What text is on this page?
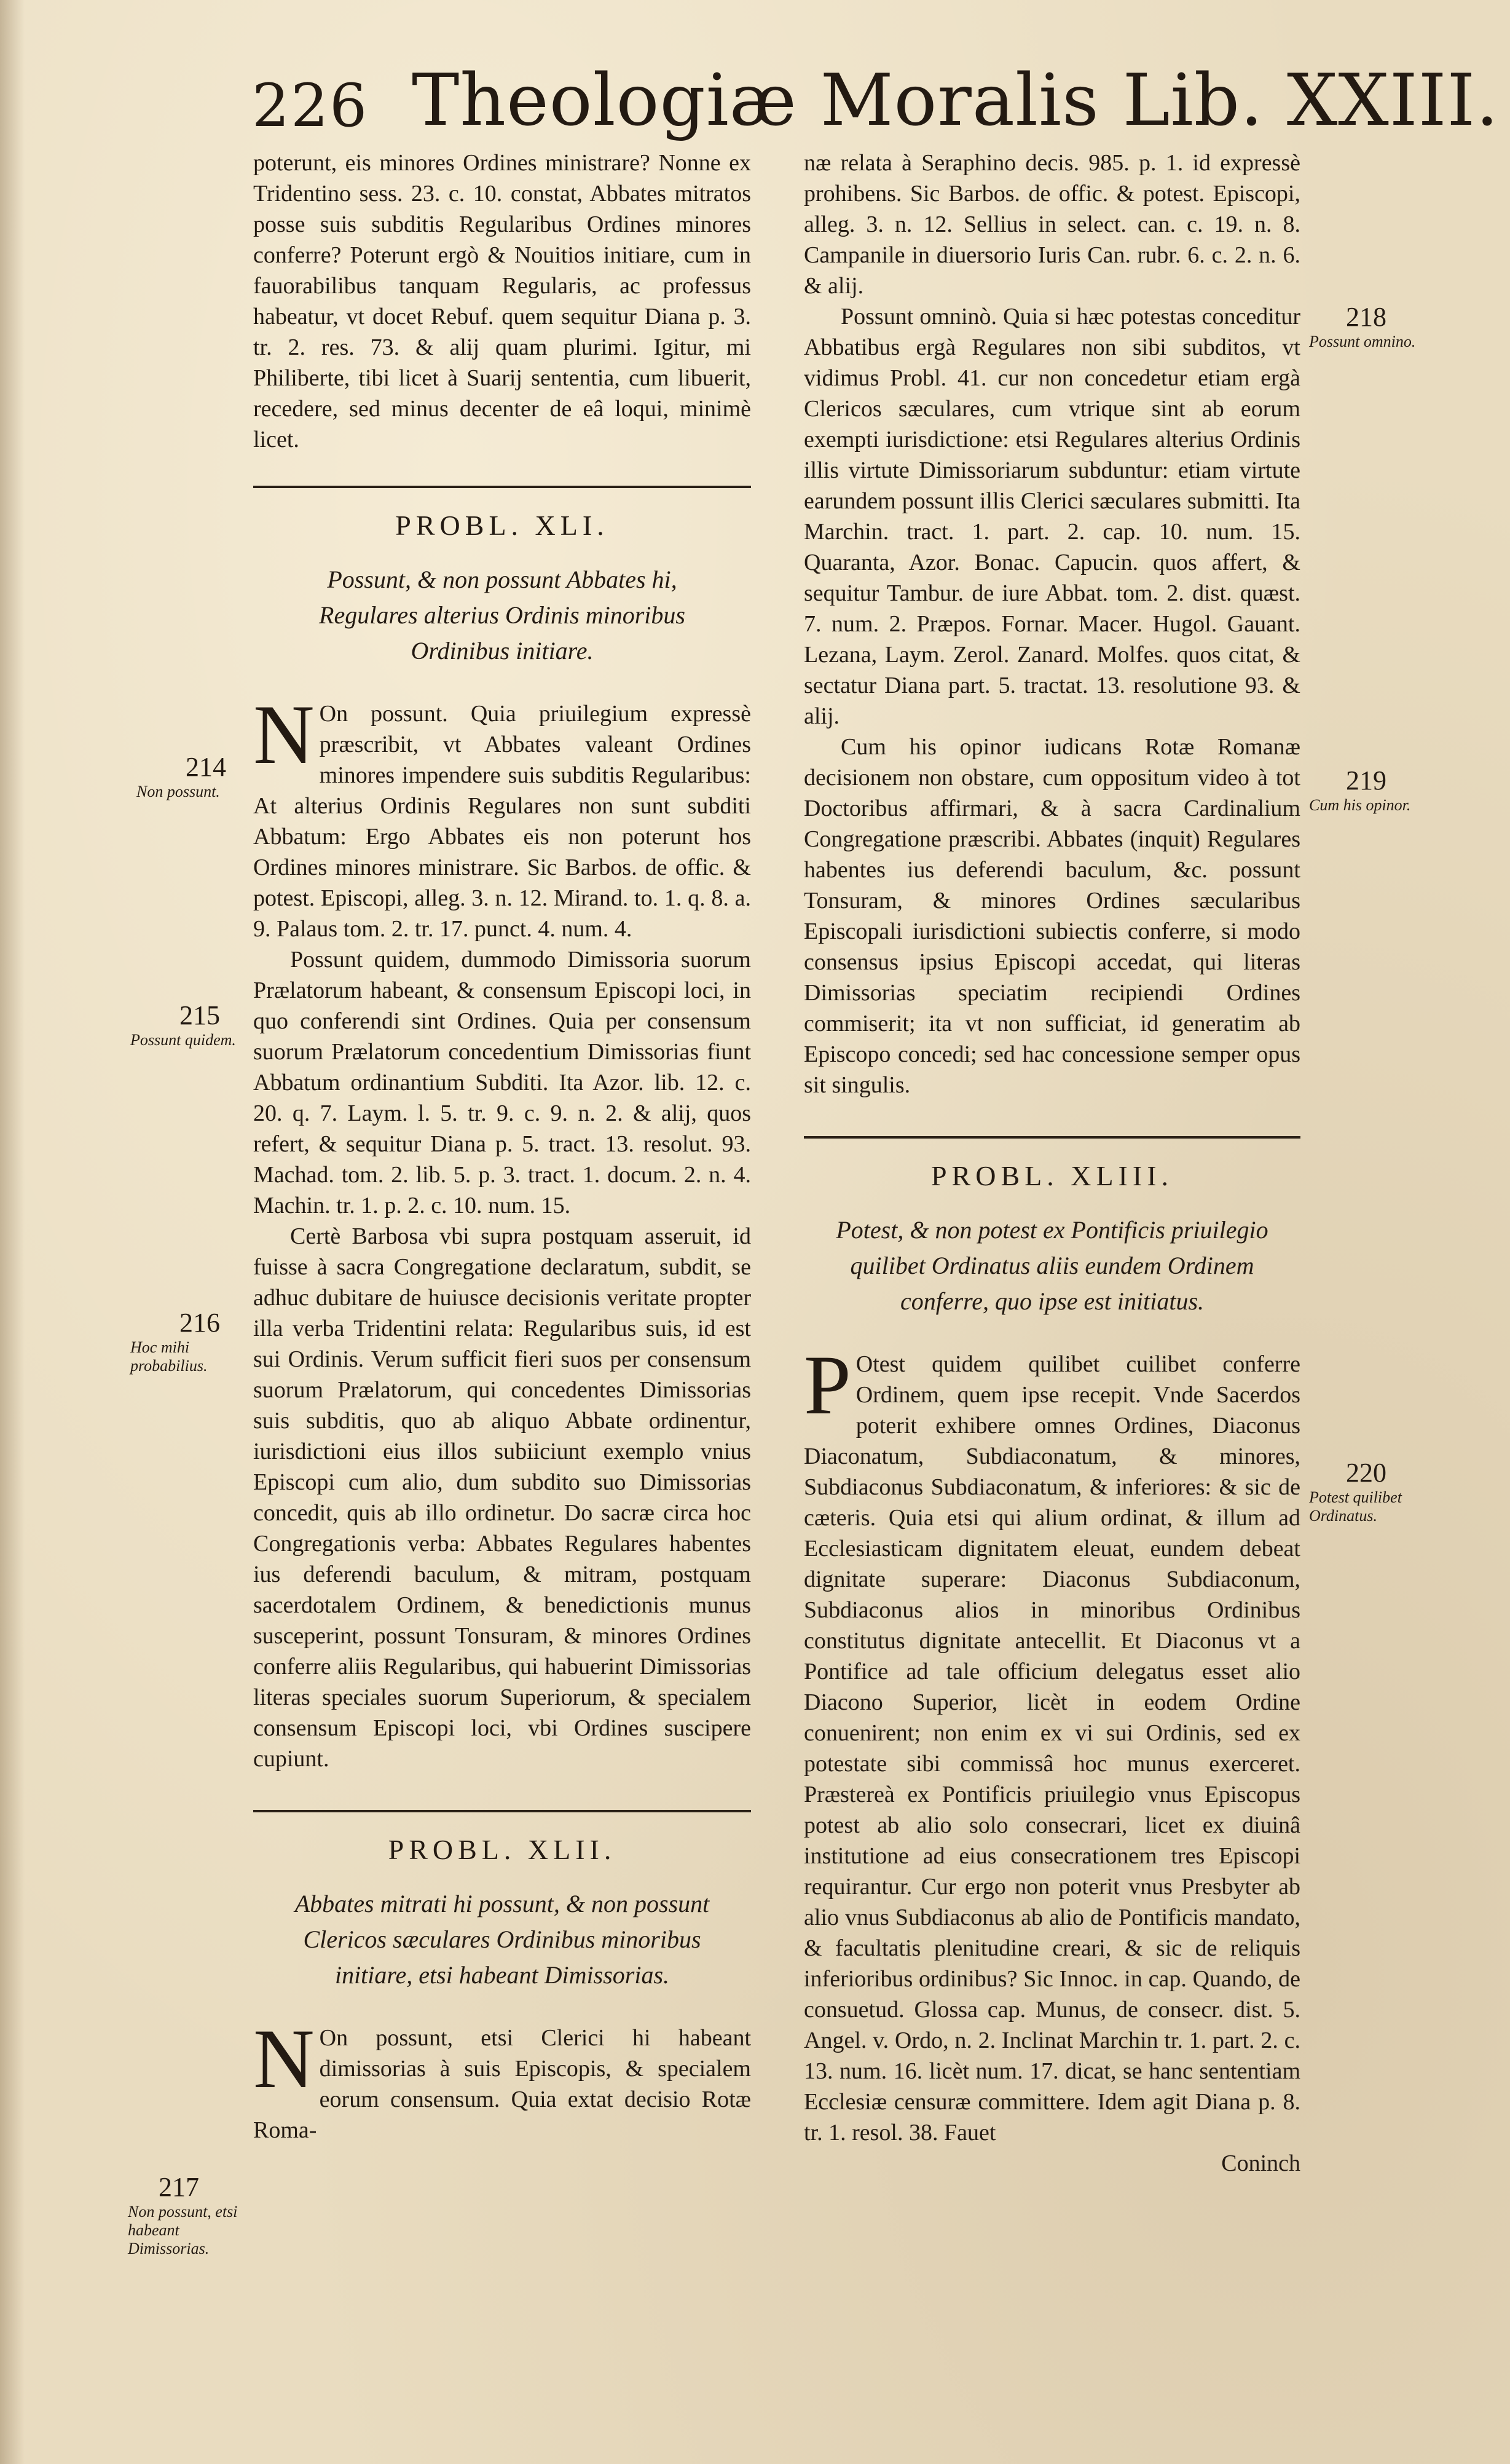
226 Theologiæ Moralis Lib. XXIII.

poterunt, eis minores Ordines ministrare? Nonne ex Tridentino sess. 23. c. 10. constat, Abbates mitratos posse suis subditis Regularibus Ordines minores conferre? Poterunt ergò & Nouitios initiare, cum in fauorabilibus tanquam Regularis, ac professus habeatur, vt docet Rebuf. quem sequitur Diana p. 3. tr. 2. res. 73. & alij quam plurimi. Igitur, mi Philiberte, tibi licet à Suarij sententia, cum libuerit, recedere, sed minus decenter de eâ loqui, minimè licet.

PROBL. XLI.
Possunt, & non possunt Abbates hi, Regulares alterius Ordinis minoribus Ordinibus initiare.

N On possunt. Quia priuilegium expressè præscribit, vt Abbates valeant Ordines minores impendere suis subditis Regularibus: At alterius Ordinis Regulares non sunt subditi Abbatum: Ergo Abbates eis non poterunt hos Ordines minores ministrare. Sic Barbos. de offic. & potest. Episcopi, alleg. 3. n. 12. Mirand. to. 1. q. 8. a. 9. Palaus tom. 2. tr. 17. punct. 4. num. 4.

Possunt quidem, dummodo Dimissoria suorum Prælatorum habeant, & consensum Episcopi loci, in quo conferendi sint Ordines. Quia per consensum suorum Prælatorum concedentium Dimissorias fiunt Abbatum ordinantium Subditi. Ita Azor. lib. 12. c. 20. q. 7. Laym. l. 5. tr. 9. c. 9. n. 2. & alij, quos refert, & sequitur Diana p. 5. tract. 13. resolut. 93. Machad. tom. 2. lib. 5. p. 3. tract. 1. docum. 2. n. 4. Machin. tr. 1. p. 2. c. 10. num. 15.

Certè Barbosa vbi supra postquam asseruit, id fuisse à sacra Congregatione declaratum, subdit, se adhuc dubitare de huiusce decisionis veritate propter illa verba Tridentini relata: Regularibus suis, id est sui Ordinis. Verum sufficit fieri suos per consensum suorum Prælatorum, qui concedentes Dimissorias suis subditis, quo ab aliquo Abbate ordinentur, iurisdictioni eius illos subiiciunt exemplo vnius Episcopi cum alio, dum subdito suo Dimissorias concedit, quis ab illo ordinetur. Do sacræ circa hoc Congregationis verba: Abbates Regulares habentes ius deferendi baculum, & mitram, postquam sacerdotalem Ordinem, & benedictionis munus susceperint, possunt Tonsuram, & minores Ordines conferre aliis Regularibus, qui habuerint Dimissorias literas speciales suorum Superiorum, & specialem consensum Episcopi loci, vbi Ordines suscipere cupiunt.

PROBL. XLII.
Abbates mitrati hi possunt, & non possunt Clericos sæculares Ordinibus minoribus initiare, etsi habeant Dimissorias.

N On possunt, etsi Clerici hi habeant dimissorias à suis Episcopis, & specialem eorum consensum. Quia extat decisio Rotæ Roma-

næ relata à Seraphino decis. 985. p. 1. id expressè prohibens. Sic Barbos. de offic. & potest. Episcopi, alleg. 3. n. 12. Sellius in select. can. c. 19. n. 8. Campanile in diuersorio Iuris Can. rubr. 6. c. 2. n. 6. & alij.

Possunt omninò. Quia si hæc potestas conceditur Abbatibus ergà Regulares non sibi subditos, vt vidimus Probl. 41. cur non concedetur etiam ergà Clericos sæculares, cum vtrique sint ab eorum exempti iurisdictione: etsi Regulares alterius Ordinis illis virtute Dimissoriarum subduntur: etiam virtute earundem possunt illis Clerici sæculares submitti. Ita Marchin. tract. 1. part. 2. cap. 10. num. 15. Quaranta, Azor. Bonac. Capucin. quos affert, & sequitur Tambur. de iure Abbat. tom. 2. dist. quæst. 7. num. 2. Præpos. Fornar. Macer. Hugol. Gauant. Lezana, Laym. Zerol. Zanard. Molfes. quos citat, & sectatur Diana part. 5. tractat. 13. resolutione 93. & alij.

Cum his opinor iudicans Rotæ Romanæ decisionem non obstare, cum oppositum video à tot Doctoribus affirmari, & à sacra Cardinalium Congregatione præscribi. Abbates (inquit) Regulares habentes ius deferendi baculum, &c. possunt Tonsuram, & minores Ordines sæcularibus Episcopali iurisdictioni subiectis conferre, si modo consensus ipsius Episcopi accedat, qui literas Dimissorias speciatim recipiendi Ordines commiserit; ita vt non sufficiat, id generatim ab Episcopo concedi; sed hac concessione semper opus sit singulis.

PROBL. XLIII.
Potest, & non potest ex Pontificis priuilegio quilibet Ordinatus aliis eundem Ordinem conferre, quo ipse est initiatus.

P Otest quidem quilibet cuilibet conferre Ordinem, quem ipse recepit. Vnde Sacerdos poterit exhibere omnes Ordines, Diaconus Diaconatum, Subdiaconatum, & minores, Subdiaconus Subdiaconatum, & inferiores: & sic de cæteris. Quia etsi qui alium ordinat, & illum ad Ecclesiasticam dignitatem eleuat, eundem debeat dignitate superare: Diaconus Subdiaconum, Subdiaconus alios in minoribus Ordinibus constitutus dignitate antecellit. Et Diaconus vt a Pontifice ad tale officium delegatus esset alio Diacono Superior, licèt in eodem Ordine conuenirent; non enim ex vi sui Ordinis, sed ex potestate sibi commissâ hoc munus exerceret. Præstereà ex Pontificis priuilegio vnus Episcopus potest ab alio solo consecrari, licet ex diuinâ institutione ad eius consecrationem tres Episcopi requirantur. Cur ergo non poterit vnus Presbyter ab alio vnus Subdiaconus ab alio de Pontificis mandato, & facultatis plenitudine creari, & sic de reliquis inferioribus ordinibus? Sic Innoc. in cap. Quando, de consuetud. Glossa cap. Munus, de consecr. dist. 5. Angel. v. Ordo, n. 2. Inclinat Marchin tr. 1. part. 2. c. 13. num. 16. licèt num. 17. dicat, se hanc sententiam Ecclesiæ censuræ committere. Idem agit Diana p. 8. tr. 1. resol. 38. Fauet

Coninch

214
Non possunt.
215
Possunt quidem.
216
Hoc mihi probabilius.
217
Non possunt, etsi habeant Dimissorias.
218
Possunt omnino.
219
Cum his opinor.
220
Potest quilibet Ordinatus.
